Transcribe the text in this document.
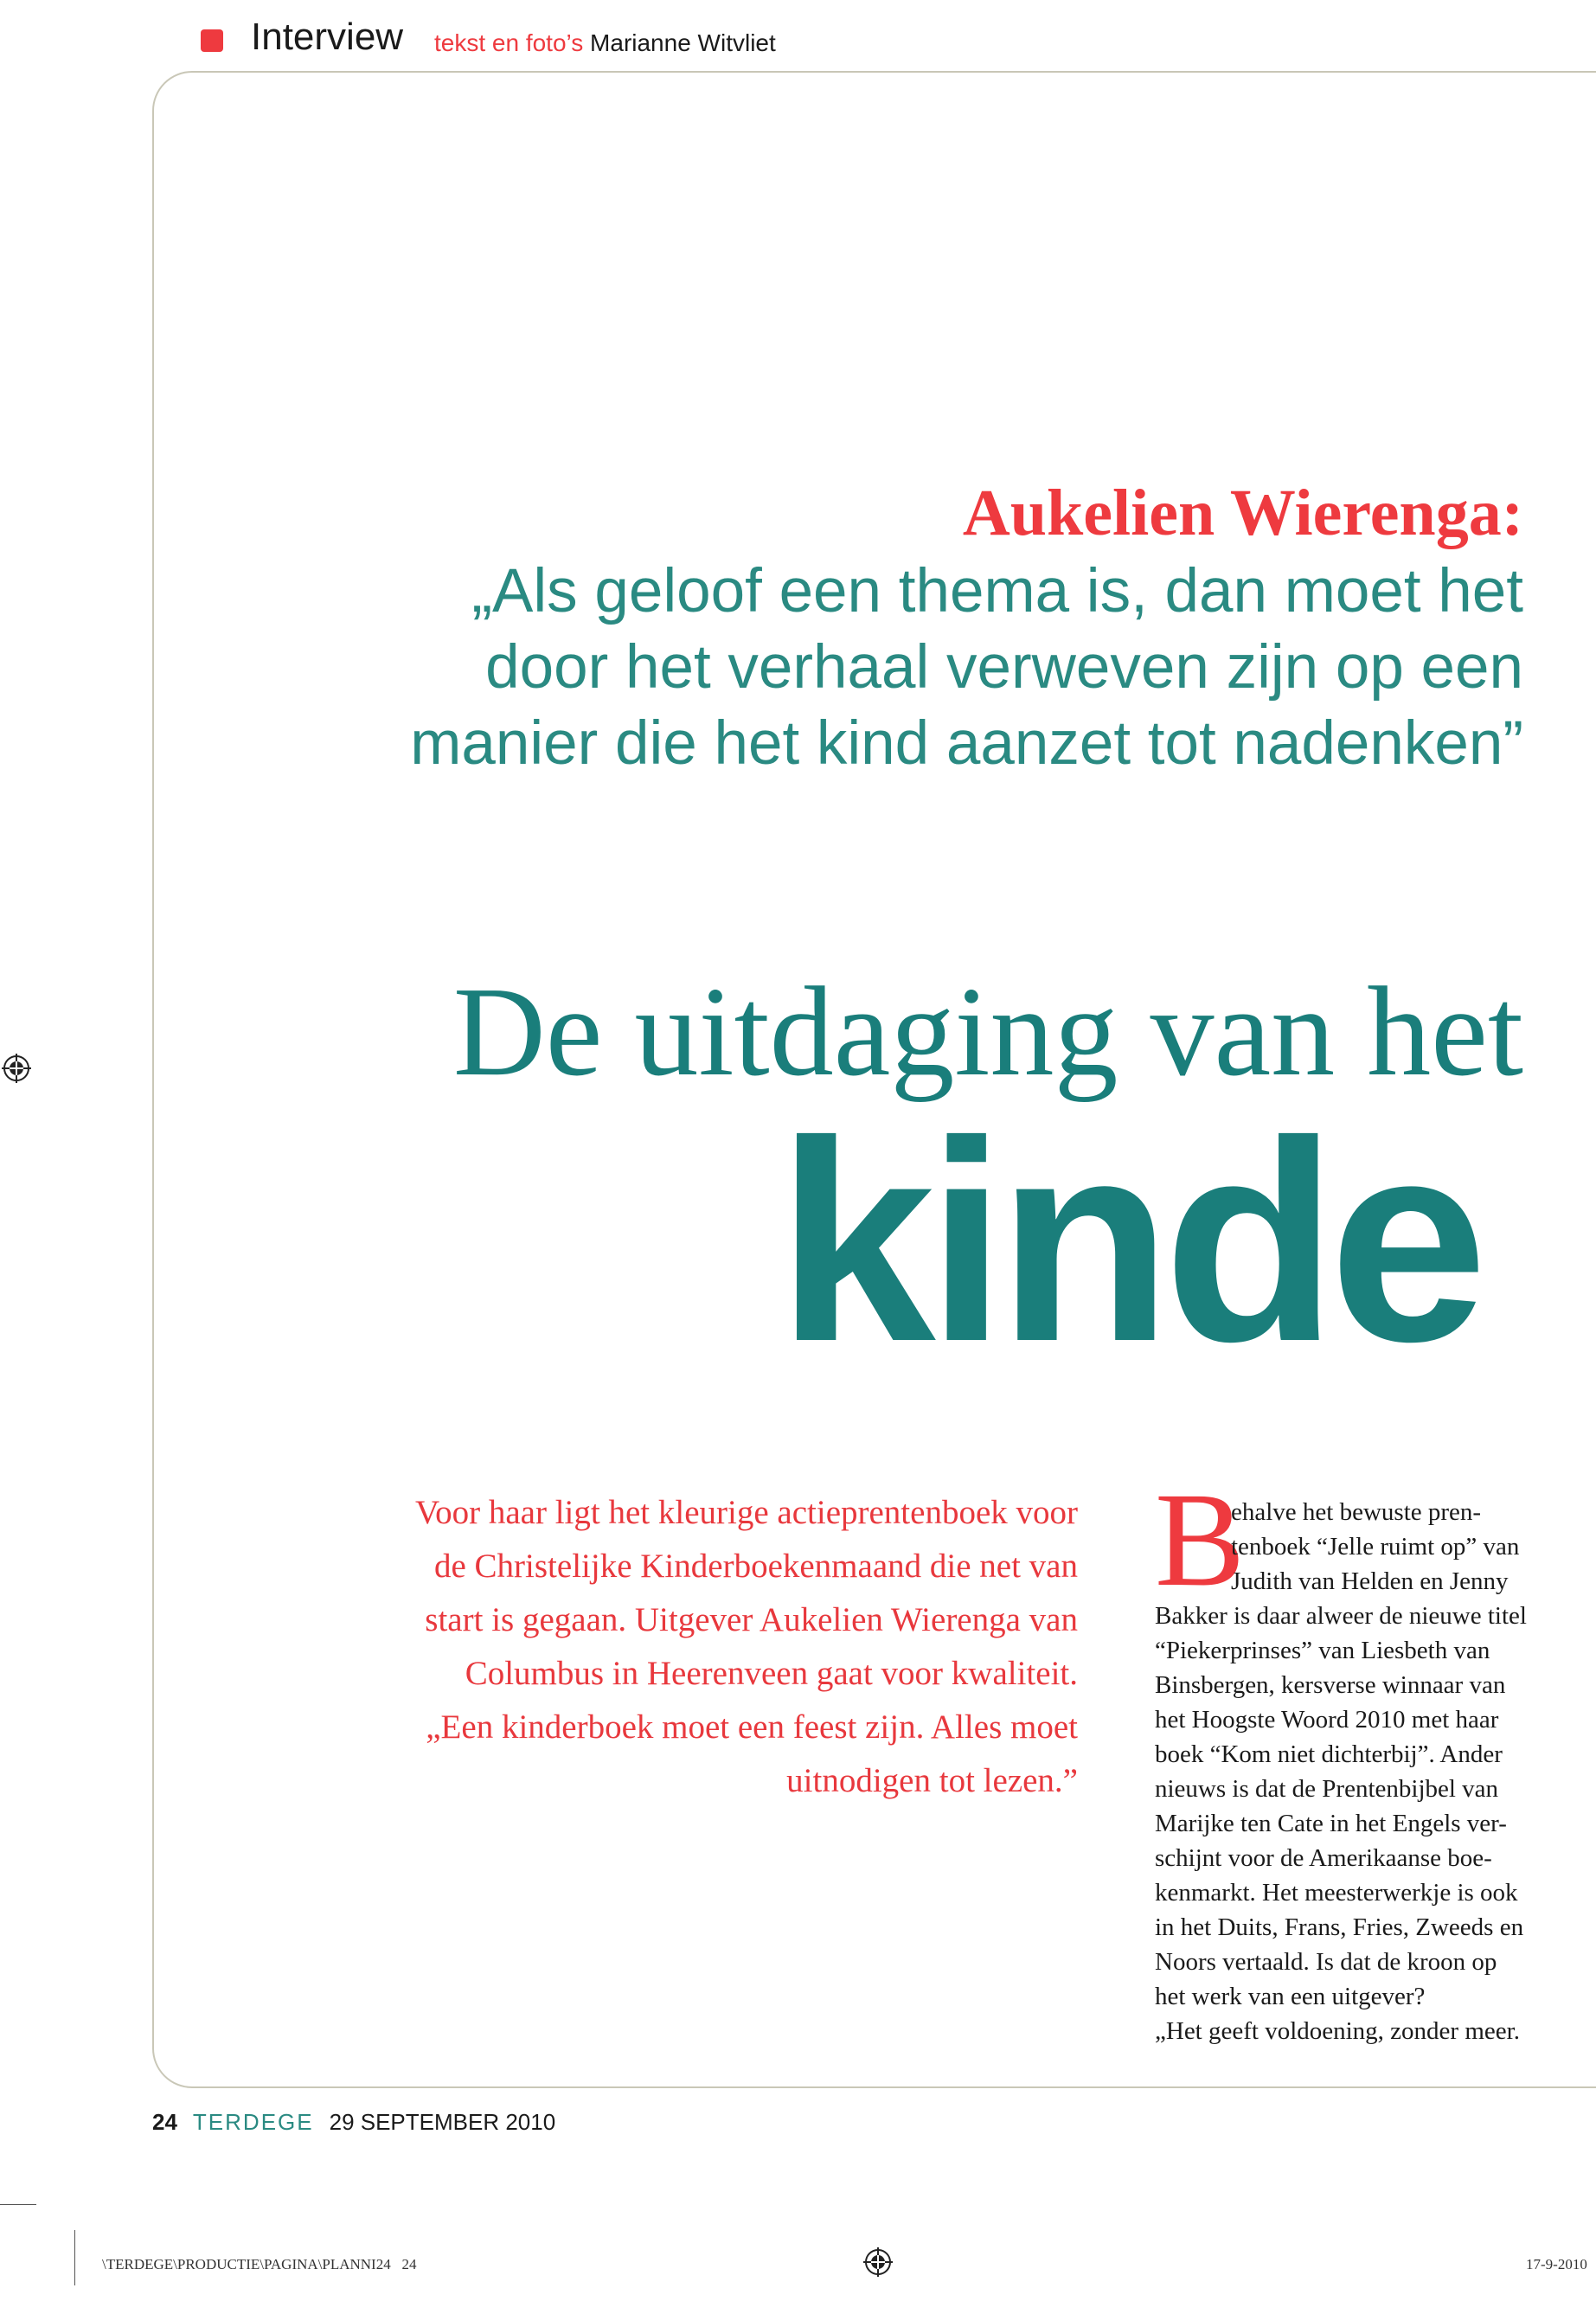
Interview tekst en foto’s Marianne Witvliet
Aukelien Wierenga:
„Als geloof een thema is, dan moet het
door het verhaal verweven zijn op een
manier die het kind aanzet tot nadenken”
De uitdaging van het
kinde
Voor haar ligt het kleurige actieprentenboek voor
de Christelijke Kinderboekenmaand die net van
start is gegaan. Uitgever Aukelien Wierenga van
Columbus in Heerenveen gaat voor kwaliteit.
„Een kinderboek moet een feest zijn. Alles moet
uitnodigen tot lezen.”
B
ehalve het bewuste pren-
tenboek “Jelle ruimt op” van
Judith van Helden en Jenny
Bakker is daar alweer de nieuwe titel
“Piekerprinses” van Liesbeth van
Binsbergen, kersverse winnaar van
het Hoogste Woord 2010 met haar
boek “Kom niet dichterbij”. Ander
nieuws is dat de Prentenbijbel van
Marijke ten Cate in het Engels ver-
schijnt voor de Amerikaanse boe-
kenmarkt. Het meesterwerkje is ook
in het Duits, Frans, Fries, Zweeds en
Noors vertaald. Is dat de kroon op
het werk van een uitgever?
„Het geeft voldoening, zonder meer.
24 TERDEGE 29 SEPTEMBER 2010
\TERDEGE\PRODUCTIE\PAGINA\PLANNI24 24	17-9-2010
